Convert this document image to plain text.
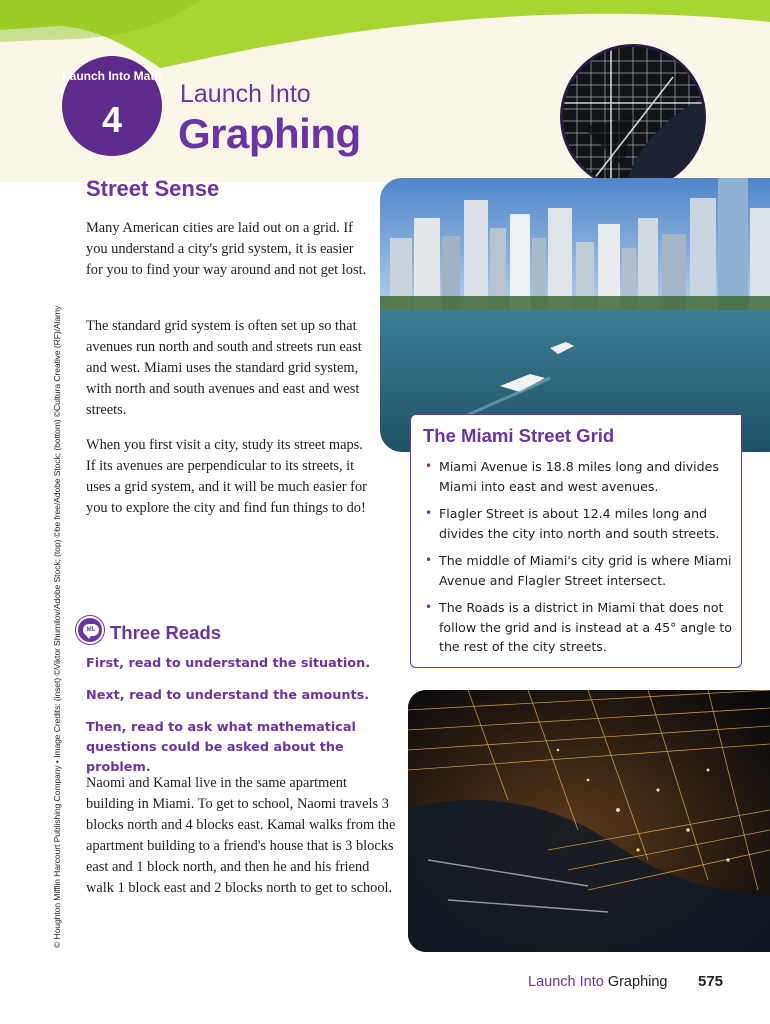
Launch Into Math
4
Launch Into
Graphing
© Houghton Mifflin Harcourt Publishing Company • Image Credits: (inset) ©Viktor Shumilov/Adobe Stock; (top) ©be free/Adobe Stock; (bottom) ©Cultura Creative (RF)/Alamy
Street Sense

Many American cities are laid out on a grid. If you understand a city's grid system, it is easier for you to find your way around and not get lost.

The standard grid system is often set up so that avenues run north and south and streets run east and west. Miami uses the standard grid system, with north and south avenues and east and west streets.

When you first visit a city, study its street maps. If its avenues are perpendicular to its streets, it uses a grid system, and it will be much easier for you to explore the city and find fun things to do!

The Miami Street Grid
• Miami Avenue is 18.8 miles long and divides Miami into east and west avenues.
• Flagler Street is about 12.4 miles long and divides the city into north and south streets.
• The middle of Miami's city grid is where Miami Avenue and Flagler Street intersect.
• The Roads is a district in Miami that does not follow the grid and is instead at a 45° angle to the rest of the city streets.
ML Three Reads
First, read to understand the situation.
Next, read to understand the amounts.
Then, read to ask what mathematical questions could be asked about the problem.

Naomi and Kamal live in the same apartment building in Miami. To get to school, Naomi travels 3 blocks north and 4 blocks east. Kamal walks from the apartment building to a friend's house that is 3 blocks east and 1 block north, and then he and his friend walk 1 block east and 2 blocks north to get to school.

Launch Into Graphing 575
